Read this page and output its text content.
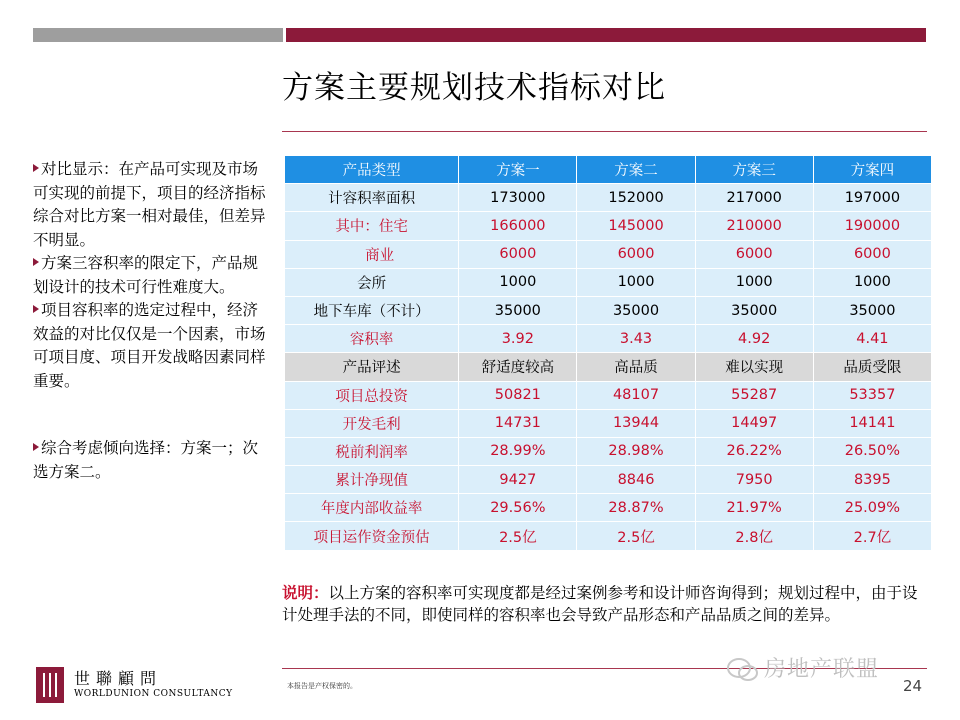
方案主要规划技术指标对比
对比显示：在产品可实现及市场可实现的前提下，项目的经济指标综合对比方案一相对最佳，但差异不明显。
方案三容积率的限定下，产品规划设计的技术可行性难度大。
项目容积率的选定过程中，经济效益的对比仅仅是一个因素，市场可项目度、项目开发战略因素同样重要。
综合考虑倾向选择：方案一；次选方案二。
产品类型	方案一	方案二	方案三	方案四
计容积率面积	173000	152000	217000	197000
其中：住宅	166000	145000	210000	190000
商业	6000	6000	6000	6000
会所	1000	1000	1000	1000
地下车库（不计）	35000	35000	35000	35000
容积率	3.92	3.43	4.92	4.41
产品评述	舒适度较高	高品质	难以实现	品质受限
项目总投资	50821	48107	55287	53357
开发毛利	14731	13944	14497	14141
税前利润率	28.99%	28.98%	26.22%	26.50%
累计净现值	9427	8846	7950	8395
年度内部收益率	29.56%	28.87%	21.97%	25.09%
项目运作资金预估	2.5亿	2.5亿	2.8亿	2.7亿
说明：以上方案的容积率可实现度都是经过案例参考和设计师咨询得到；规划过程中，由于设计处理手法的不同，即使同样的容积率也会导致产品形态和产品品质之间的差异。
本报告是产权保密的。
房地产联盟
24
世聯顧問
WORLDUNION CONSULTANCY
